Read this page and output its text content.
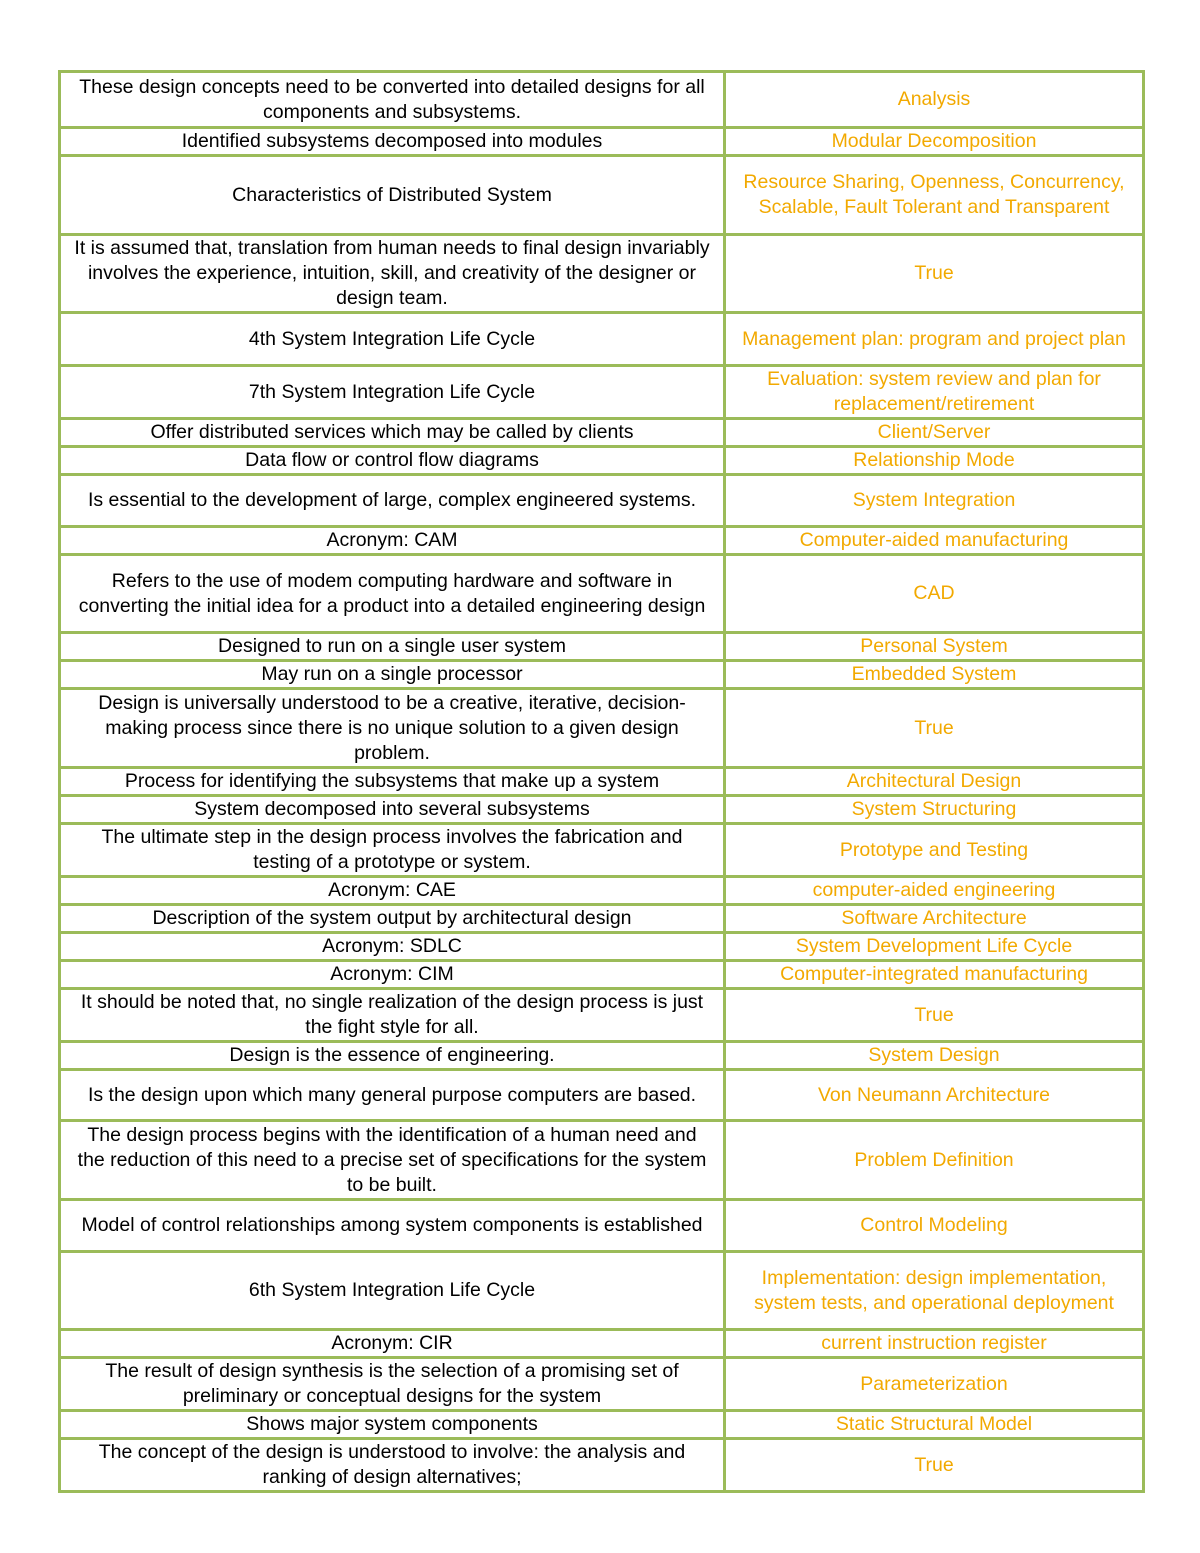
These design concepts need to be converted into detailed designs for all components and subsystems.	Analysis
Identified subsystems decomposed into modules	Modular Decomposition
Characteristics of Distributed System	Resource Sharing, Openness, Concurrency, Scalable, Fault Tolerant and Transparent
It is assumed that, translation from human needs to final design invariably involves the experience, intuition, skill, and creativity of the designer or design team.	True
4th System Integration Life Cycle	Management plan: program and project plan
7th System Integration Life Cycle	Evaluation: system review and plan for replacement/retirement
Offer distributed services which may be called by clients	Client/Server
Data flow or control flow diagrams	Relationship Mode
Is essential to the development of large, complex engineered systems.	System Integration
Acronym: CAM	Computer-aided manufacturing
Refers to the use of modem computing hardware and software in converting the initial idea for a product into a detailed engineering design	CAD
Designed to run on a single user system	Personal System
May run on a single processor	Embedded System
Design is universally understood to be a creative, iterative, decision-making process since there is no unique solution to a given design problem.	True
Process for identifying the subsystems that make up a system	Architectural Design
System decomposed into several subsystems	System Structuring
The ultimate step in the design process involves the fabrication and testing of a prototype or system.	Prototype and Testing
Acronym: CAE	computer-aided engineering
Description of the system output by architectural design	Software Architecture
Acronym: SDLC	System Development Life Cycle
Acronym: CIM	Computer-integrated manufacturing
It should be noted that, no single realization of the design process is just the fight style for all.	True
Design is the essence of engineering.	System Design
Is the design upon which many general purpose computers are based.	Von Neumann Architecture
The design process begins with the identification of a human need and the reduction of this need to a precise set of specifications for the system to be built.	Problem Definition
Model of control relationships among system components is established	Control Modeling
6th System Integration Life Cycle	Implementation: design implementation, system tests, and operational deployment
Acronym: CIR	current instruction register
The result of design synthesis is the selection of a promising set of preliminary or conceptual designs for the system	Parameterization
Shows major system components	Static Structural Model
The concept of the design is understood to involve: the analysis and ranking of design alternatives;	True
